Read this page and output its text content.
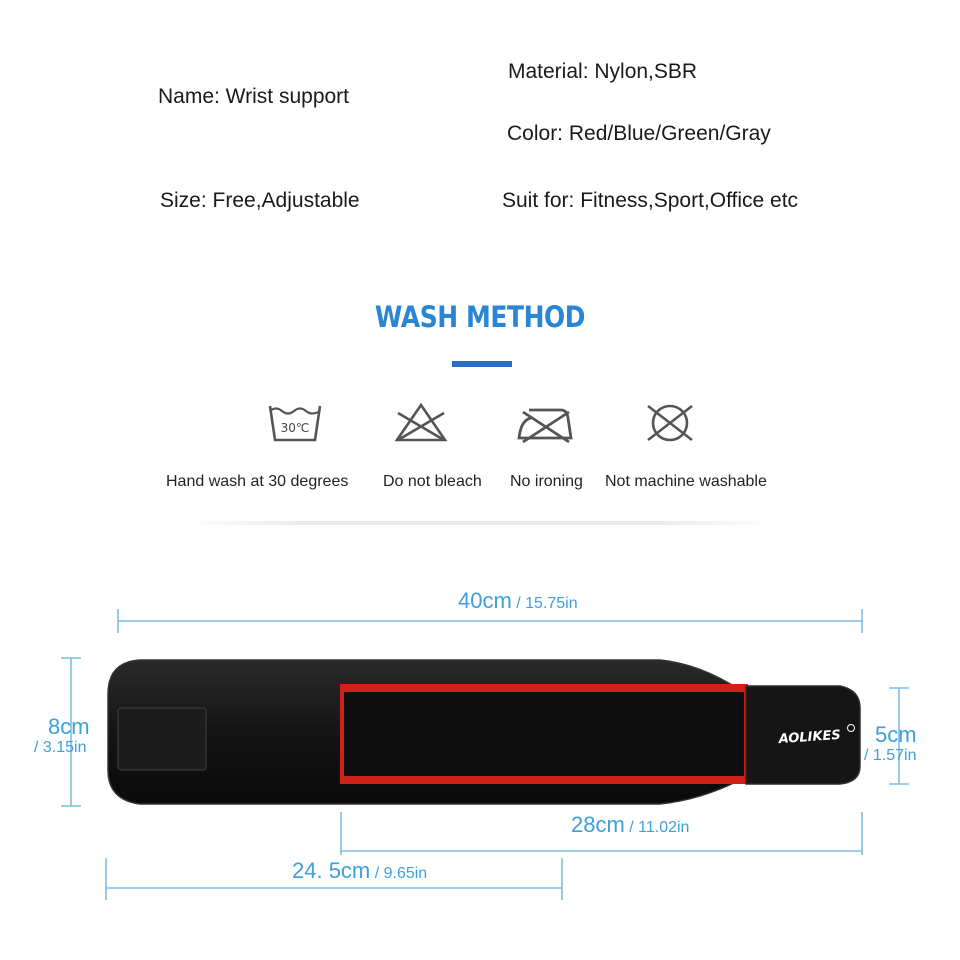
Name: Wrist support
Material: Nylon,SBR
Color: Red/Blue/Green/Gray
Size: Free,Adjustable	Suit for: Fitness,Sport,Office etc
WASH METHOD
30℃
Hand wash at 30 degrees Do not bleach No ironing Not machine washable
AOLIKES
40cm / 15.75in
8cm
/ 3.15in
5cm
/ 1.57in
28cm / 11.02in
24. 5cm / 9.65in
